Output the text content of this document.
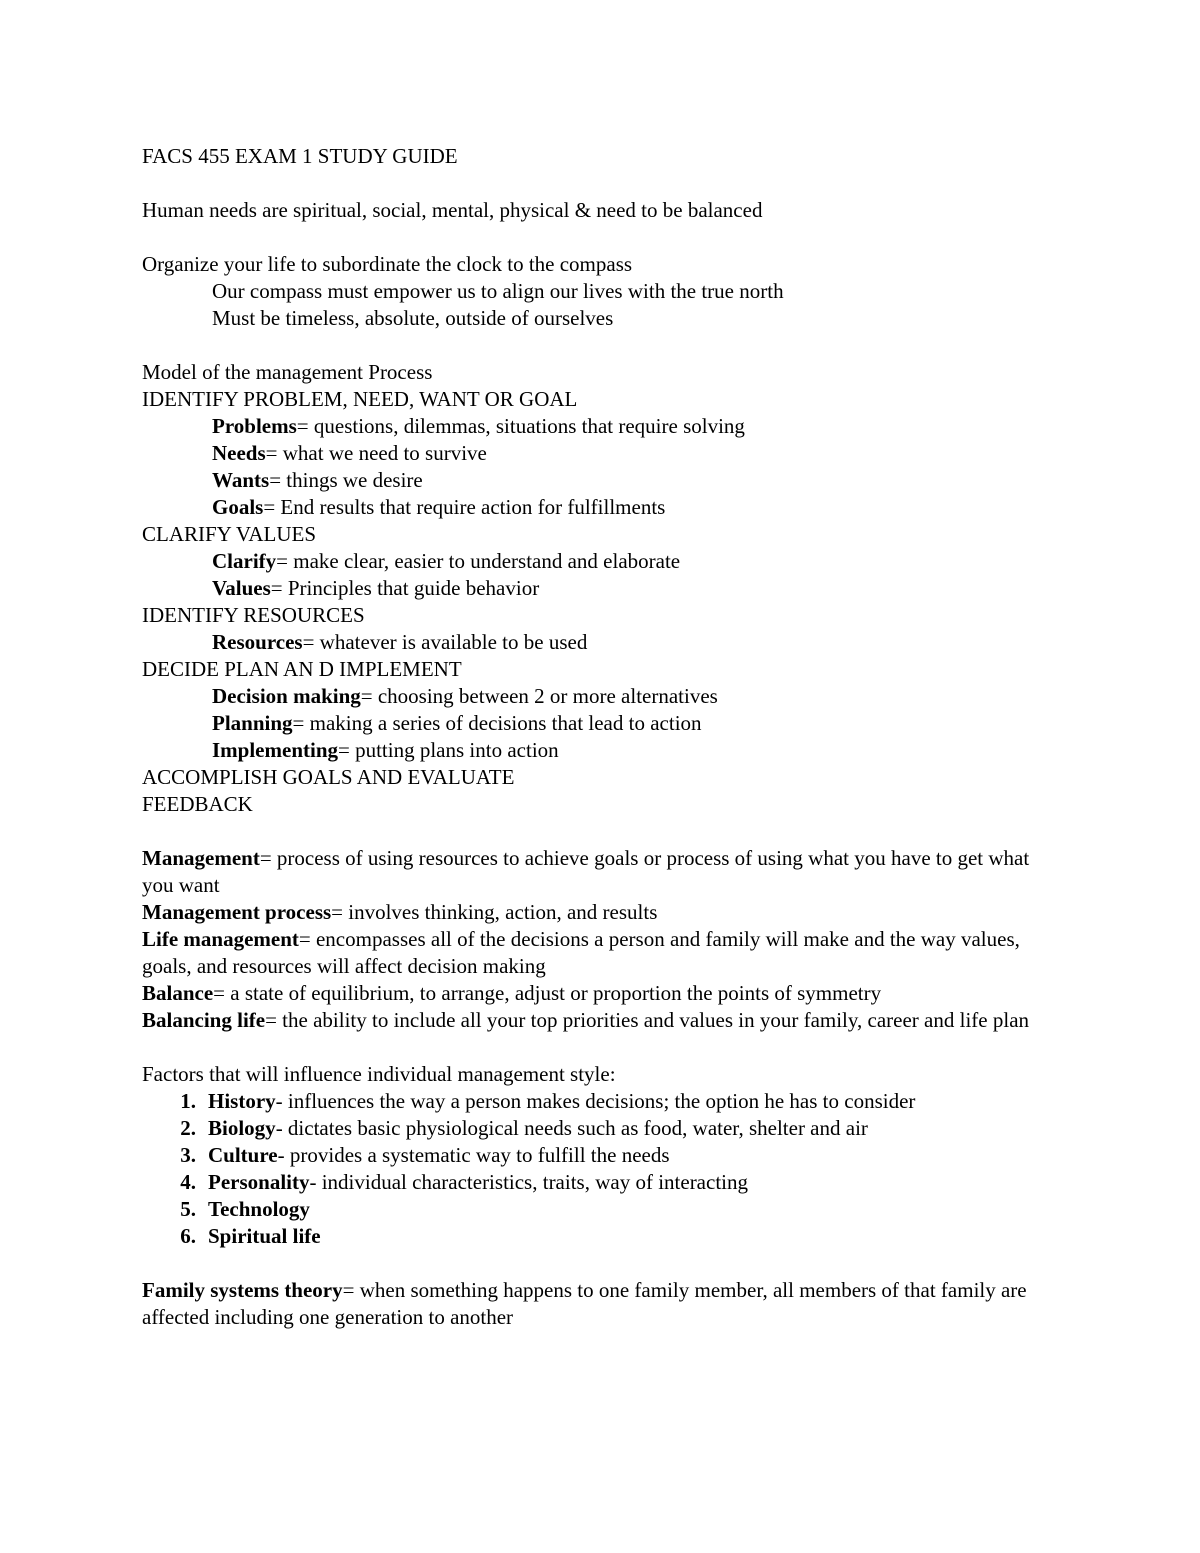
FACS 455 EXAM 1 STUDY GUIDE
Human needs are spiritual, social, mental, physical & need to be balanced
Organize your life to subordinate the clock to the compass
Our compass must empower us to align our lives with the true north
Must be timeless, absolute, outside of ourselves
Model of the management Process
IDENTIFY PROBLEM, NEED, WANT OR GOAL
Problems= questions, dilemmas, situations that require solving
Needs= what we need to survive
Wants= things we desire
Goals= End results that require action for fulfillments
CLARIFY VALUES
Clarify= make clear, easier to understand and elaborate
Values= Principles that guide behavior
IDENTIFY RESOURCES
Resources= whatever is available to be used
DECIDE PLAN AN D IMPLEMENT
Decision making= choosing between 2 or more alternatives
Planning= making a series of decisions that lead to action
Implementing= putting plans into action
ACCOMPLISH GOALS AND EVALUATE
FEEDBACK
Management= process of using resources to achieve goals or process of using what you have to get what you want
Management process= involves thinking, action, and results
Life management= encompasses all of the decisions a person and family will make and the way values, goals, and resources will affect decision making
Balance= a state of equilibrium, to arrange, adjust or proportion the points of symmetry
Balancing life= the ability to include all your top priorities and values in your family, career and life plan
Factors that will influence individual management style:
1. History- influences the way a person makes decisions; the option he has to consider
2. Biology- dictates basic physiological needs such as food, water, shelter and air
3. Culture- provides a systematic way to fulfill the needs
4. Personality- individual characteristics, traits, way of interacting
5. Technology
6. Spiritual life
Family systems theory= when something happens to one family member, all members of that family are affected including one generation to another
